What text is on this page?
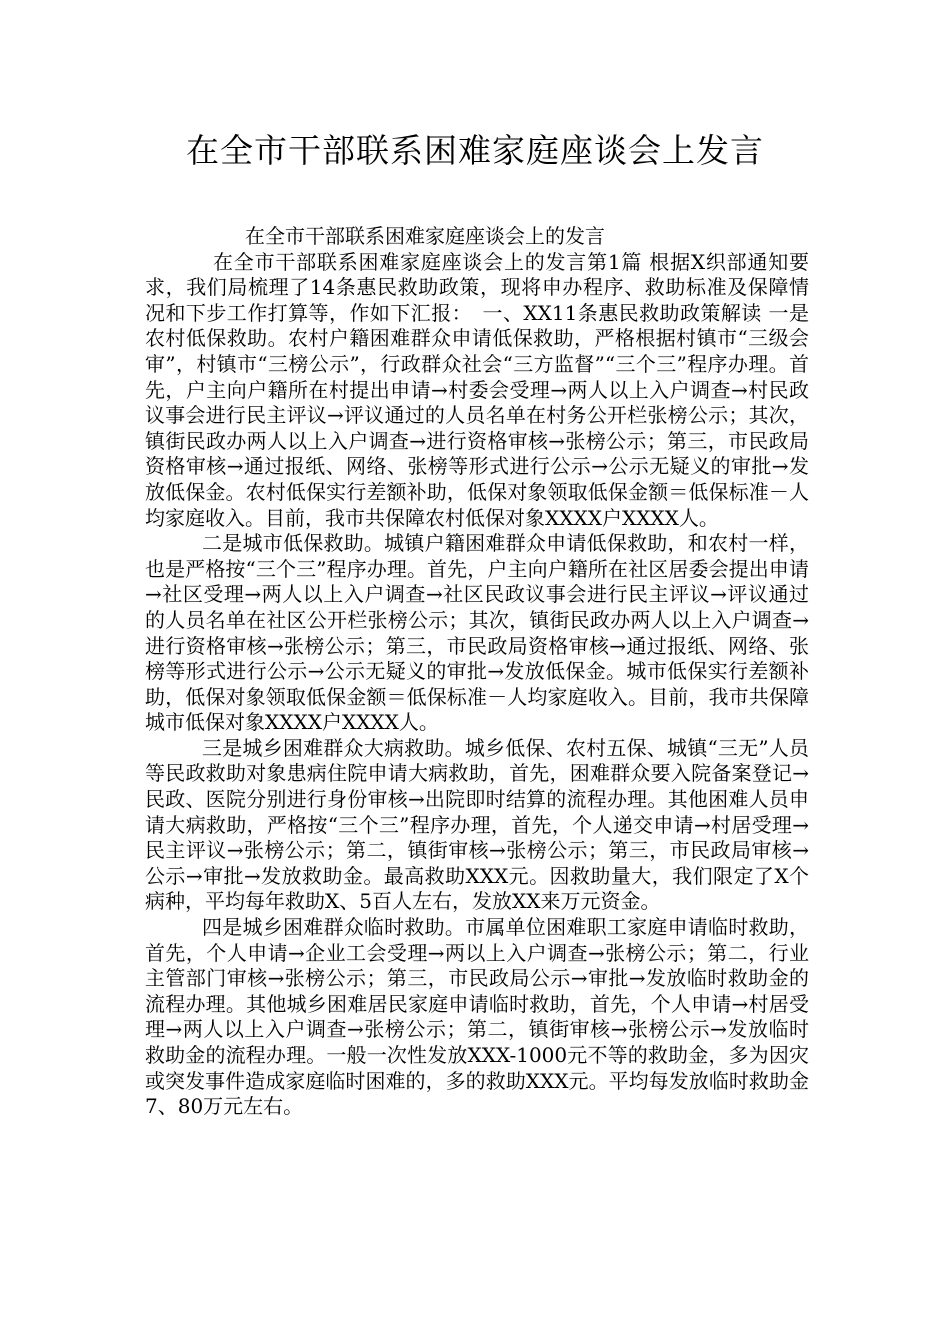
在全市干部联系困难家庭座谈会上发言

在全市干部联系困难家庭座谈会上的发言

在全市干部联系困难家庭座谈会上的发言第1篇 根据X织部通知要求，我们局梳理了14条惠民救助政策，现将申办程序、救助标准及保障情况和下步工作打算等，作如下汇报：　一、XX11条惠民救助政策解读 一是农村低保救助。农村户籍困难群众申请低保救助，严格根据村镇市“三级会审”，村镇市“三榜公示”，行政群众社会“三方监督”“三个三”程序办理。首先，户主向户籍所在村提出申请→村委会受理→两人以上入户调查→村民政议事会进行民主评议→评议通过的人员名单在村务公开栏张榜公示；其次，镇街民政办两人以上入户调查→进行资格审核→张榜公示；第三，市民政局资格审核→通过报纸、网络、张榜等形式进行公示→公示无疑义的审批→发放低保金。农村低保实行差额补助，低保对象领取低保金额＝低保标准－人均家庭收入。目前，我市共保障农村低保对象XXXX户XXXX人。

二是城市低保救助。城镇户籍困难群众申请低保救助，和农村一样，也是严格按“三个三”程序办理。首先，户主向户籍所在社区居委会提出申请→社区受理→两人以上入户调查→社区民政议事会进行民主评议→评议通过的人员名单在社区公开栏张榜公示；其次，镇街民政办两人以上入户调查→进行资格审核→张榜公示；第三，市民政局资格审核→通过报纸、网络、张榜等形式进行公示→公示无疑义的审批→发放低保金。城市低保实行差额补助，低保对象领取低保金额＝低保标准－人均家庭收入。目前，我市共保障城市低保对象XXXX户XXXX人。

三是城乡困难群众大病救助。城乡低保、农村五保、城镇“三无”人员等民政救助对象患病住院申请大病救助，首先，困难群众要入院备案登记→民政、医院分别进行身份审核→出院即时结算的流程办理。其他困难人员申请大病救助，严格按“三个三”程序办理，首先，个人递交申请→村居受理→民主评议→张榜公示；第二，镇街审核→张榜公示；第三，市民政局审核→公示→审批→发放救助金。最高救助XXX元。因救助量大，我们限定了X个病种，平均每年救助X、5百人左右，发放XX来万元资金。

四是城乡困难群众临时救助。市属单位困难职工家庭申请临时救助，首先，个人申请→企业工会受理→两以上入户调查→张榜公示；第二，行业主管部门审核→张榜公示；第三，市民政局公示→审批→发放临时救助金的流程办理。其他城乡困难居民家庭申请临时救助，首先，个人申请→村居受理→两人以上入户调查→张榜公示；第二，镇街审核→张榜公示→发放临时救助金的流程办理。一般一次性发放XXX-1000元不等的救助金，多为因灾或突发事件造成家庭临时困难的，多的救助XXX元。平均每发放临时救助金7、80万元左右。
